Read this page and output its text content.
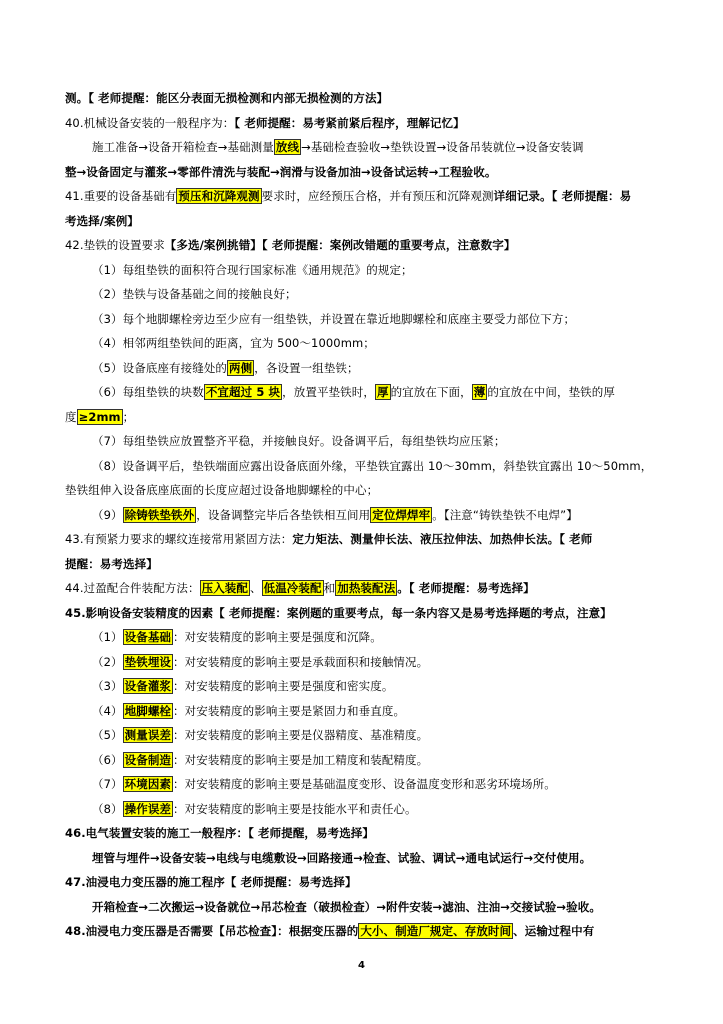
测。【 老师提醒：能区分表面无损检测和内部无损检测的方法】
40.机械设备安装的一般程序为：【 老师提醒：易考紧前紧后程序，理解记忆】
施工准备→设备开箱检查→基础测量 放线 →基础检查验收→垫铁设置→设备吊装就位→设备安装调
整→设备固定与灌浆→零部件清洗与装配→润滑与设备加油→设备试运转→工程验收。
41.重要的设备基础有 预压和沉降观测 要求时，应经预压合格，并有预压和沉降观测详细记录。【 老师提醒：易
考选择/案例】
42.垫铁的设置要求【多选/案例挑错】【 老师提醒：案例改错题的重要考点，注意数字】
（1）每组垫铁的面积符合现行国家标准《通用规范》的规定；
（2）垫铁与设备基础之间的接触良好；
（3）每个地脚螺栓旁边至少应有一组垫铁，并设置在靠近地脚螺栓和底座主要受力部位下方；
（4）相邻两组垫铁间的距离，宜为 500～1000mm；
（5）设备底座有接缝处的 两侧 ，各设置一组垫铁；
（6）每组垫铁的块数 不宜超过 5 块 ，放置平垫铁时， 厚 的宜放在下面， 薄 的宜放在中间，垫铁的厚
度 ≥2mm ；
（7）每组垫铁应放置整齐平稳，并接触良好。设备调平后，每组垫铁均应压紧；
（8）设备调平后，垫铁端面应露出设备底面外缘，平垫铁宜露出 10～30mm，斜垫铁宜露出 10～50mm，
垫铁组伸入设备底座底面的长度应超过设备地脚螺栓的中心；
（9） 除铸铁垫铁外 ，设备调整完毕后各垫铁相互间用 定位焊焊牢 。【注意“铸铁垫铁不电焊”】
43.有预紧力要求的螺纹连接常用紧固方法：定力矩法、测量伸长法、液压拉伸法、加热伸长法。【 老师
提醒：易考选择】
44.过盈配合件装配方法： 压入装配 、 低温冷装配 和 加热装配法 。【 老师提醒：易考选择】
45.影响设备安装精度的因素【 老师提醒：案例题的重要考点，每一条内容又是易考选择题的考点，注意】
（1） 设备基础 ：对安装精度的影响主要是强度和沉降。
（2） 垫铁埋设 ：对安装精度的影响主要是承载面积和接触情况。
（3） 设备灌浆 ：对安装精度的影响主要是强度和密实度。
（4） 地脚螺栓 ：对安装精度的影响主要是紧固力和垂直度。
（5） 测量误差 ：对安装精度的影响主要是仪器精度、基准精度。
（6） 设备制造 ：对安装精度的影响主要是加工精度和装配精度。
（7） 环境因素 ：对安装精度的影响主要是基础温度变形、设备温度变形和恶劣环境场所。
（8） 操作误差 ：对安装精度的影响主要是技能水平和责任心。
46.电气装置安装的施工一般程序：【 老师提醒，易考选择】
埋管与埋件→设备安装→电线与电缆敷设→回路接通→检查、试验、调试→通电试运行→交付使用。
47.油浸电力变压器的施工程序【 老师提醒：易考选择】
开箱检查→二次搬运→设备就位→吊芯检查（破损检查）→附件安装→滤油、注油→交接试验→验收。
48.油浸电力变压器是否需要【吊芯检查】：根据变压器的 大小、制造厂规定、存放时间 、运输过程中有
4
